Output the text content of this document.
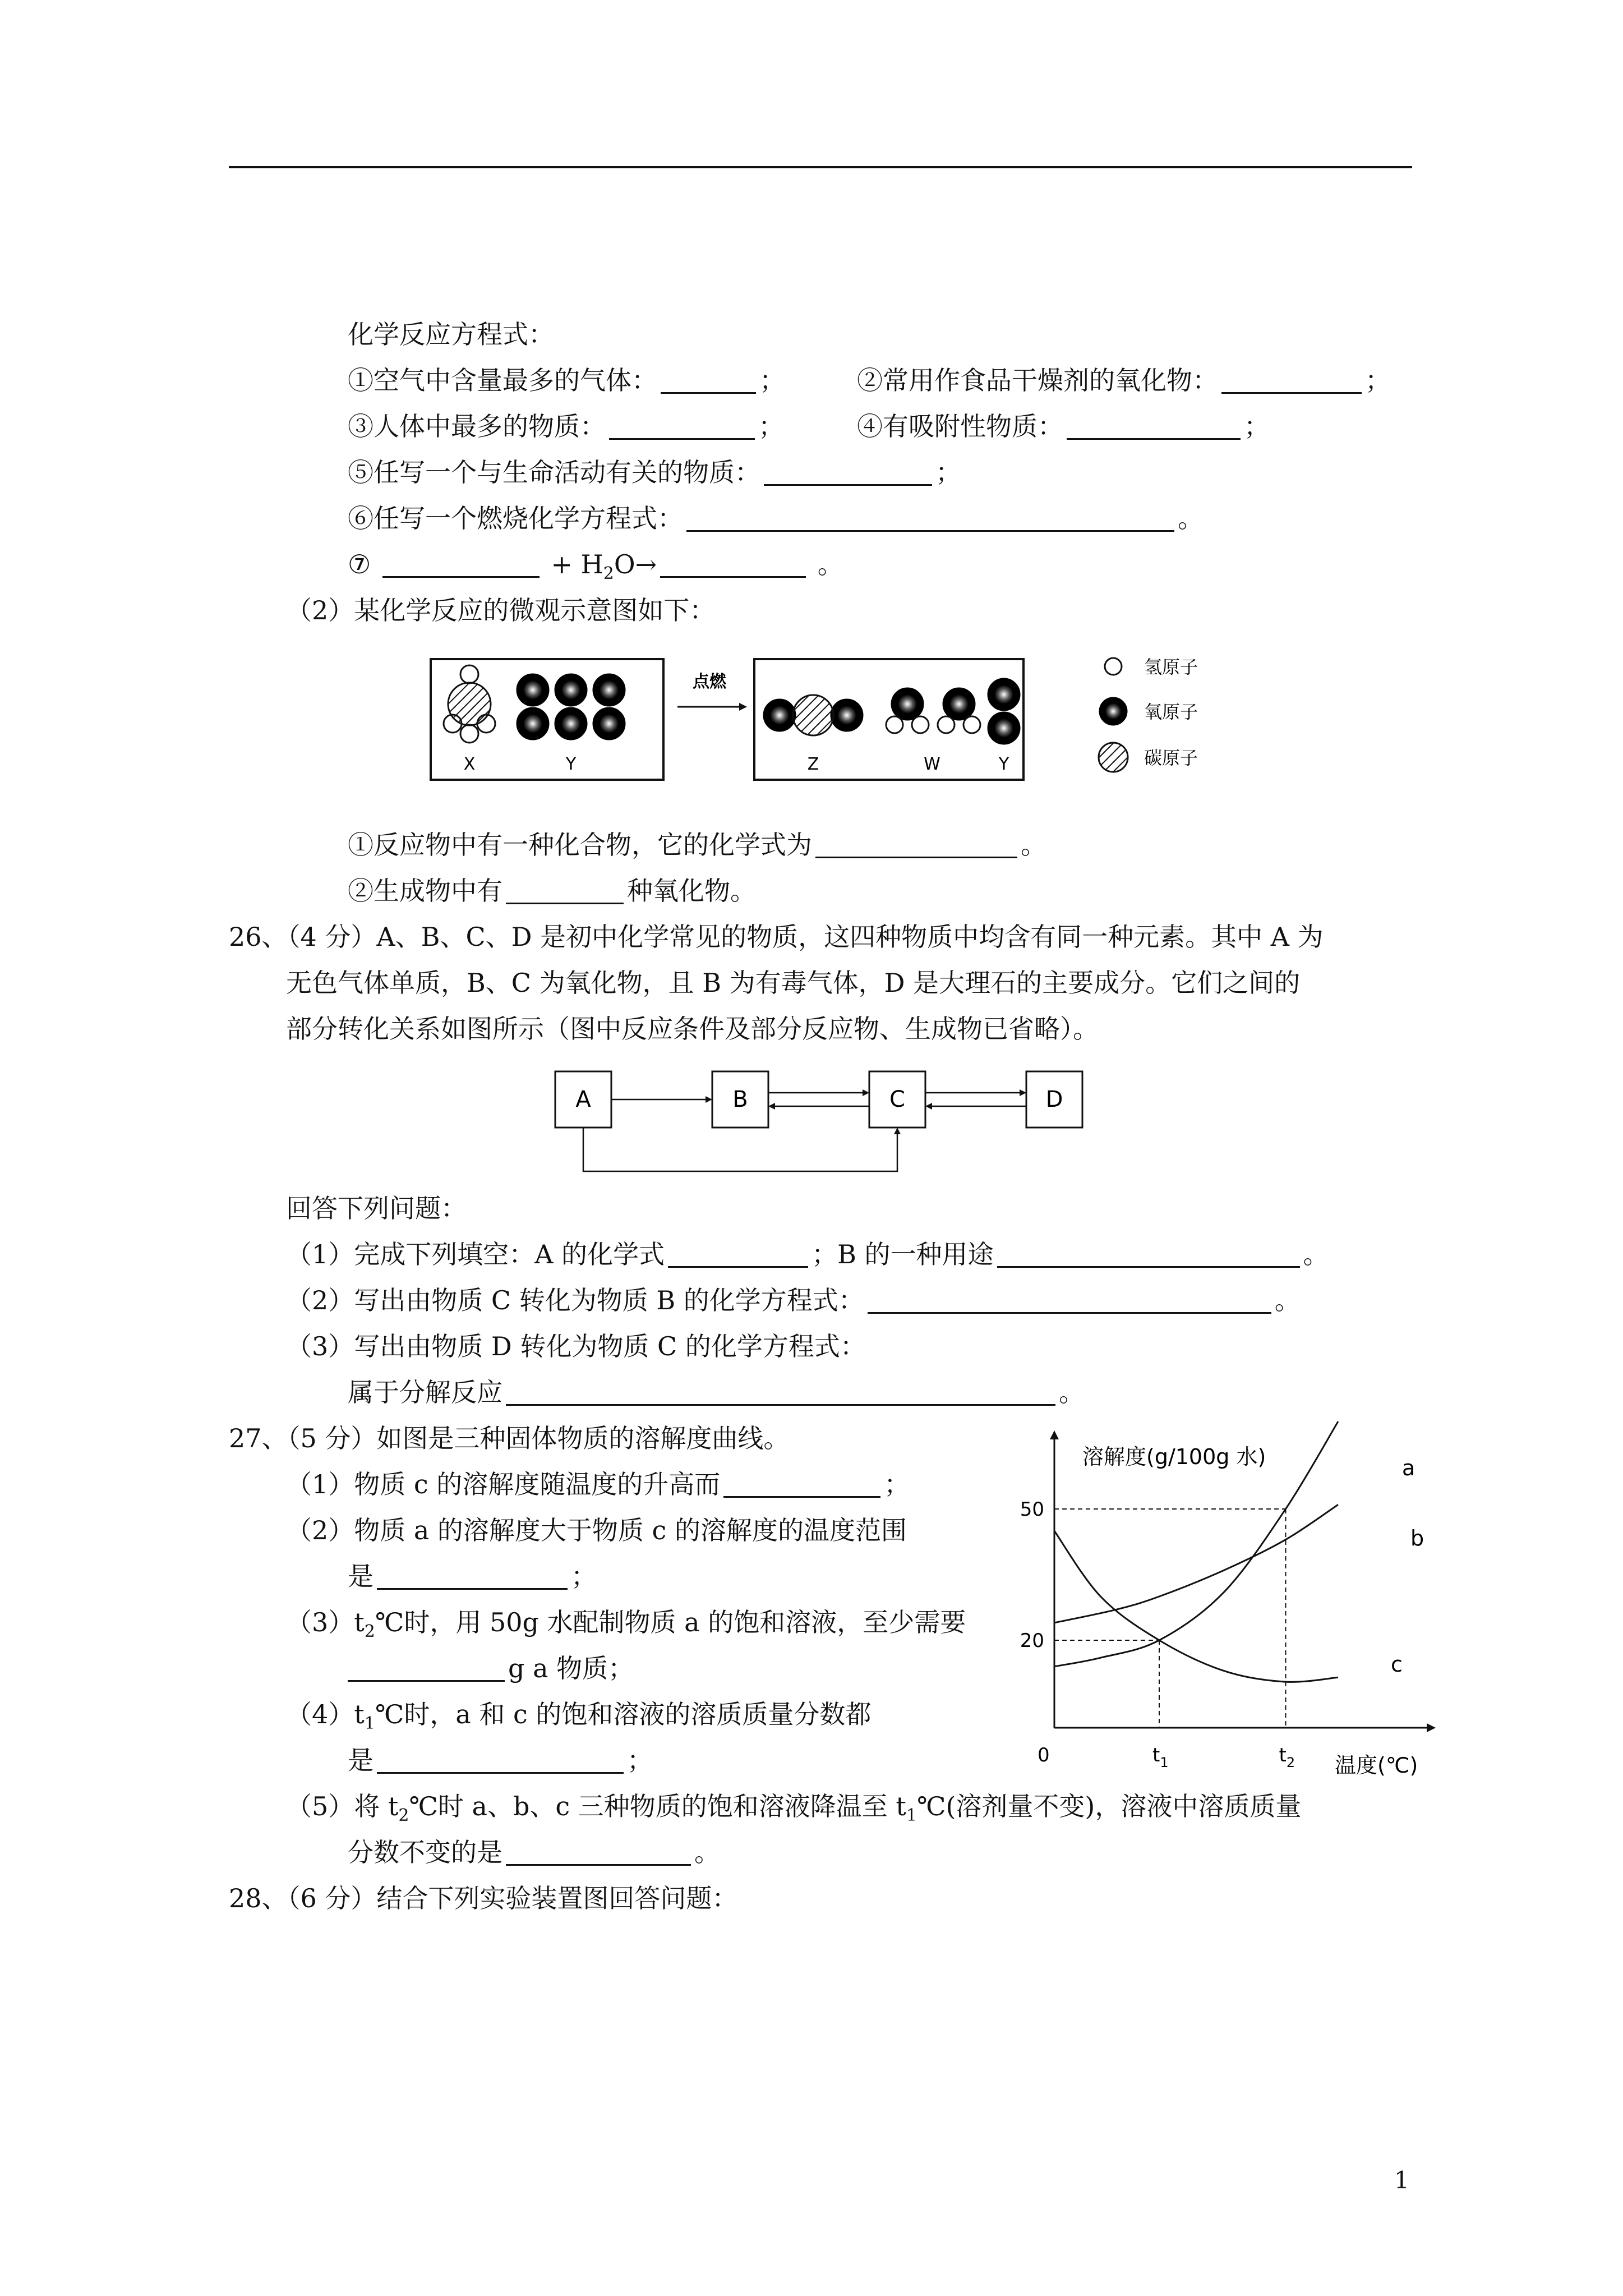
化学反应方程式：
①空气中含量最多的气体：	；	②常用作食品干燥剂的氧化物：	；
③人体中最多的物质：	；	④有吸附性物质：	；
⑤任写一个与生命活动有关的物质：	；
⑥任写一个燃烧化学方程式：	。
⑦	+ $H_2O\to$	。
（2）某化学反应的微观示意图如下：
X	Y
点燃
Z	W	Y
氢原子
氧原子
碳原子
①反应物中有一种化合物，它的化学式为	。
②生成物中有	种氧化物。
26、（4 分）A、B、C、D 是初中化学常见的物质，这四种物质中均含有同一种元素。其中 A 为
无色气体单质，B、C 为氧化物，且 B 为有毒气体，D 是大理石的主要成分。它们之间的
部分转化关系如图所示（图中反应条件及部分反应物、生成物已省略）。
A	B	C	D
回答下列问题：
（1）完成下列填空：A 的化学式	；B 的一种用途	。
（2）写出由物质 C 转化为物质 B 的化学方程式：	。
（3）写出由物质 D 转化为物质 C 的化学方程式：
属于分解反应	。
27、（5 分）如图是三种固体物质的溶解度曲线。
（1）物质 c 的溶解度随温度的升高而	；
（2）物质 a 的溶解度大于物质 c 的溶解度的温度范围
是	；
$(3)t_2℃$时，用 50g 水配制物质 a 的饱和溶液，至少需要
g a 物质；
$(4)t_1℃$时，a 和 c 的饱和溶液的溶质质量分数都
是	；
（5）将 $t_2℃$时 a、b、c 三种物质的饱和溶液降温至 $t_1℃$(溶剂量不变)，溶液中溶质质量
分数不变的是	。
溶解度(g/100g 水)
温度(℃)
0
20
50
$t_1$	$t_2$
a
b
c
28、（6 分）结合下列实验装置图回答问题：
1
